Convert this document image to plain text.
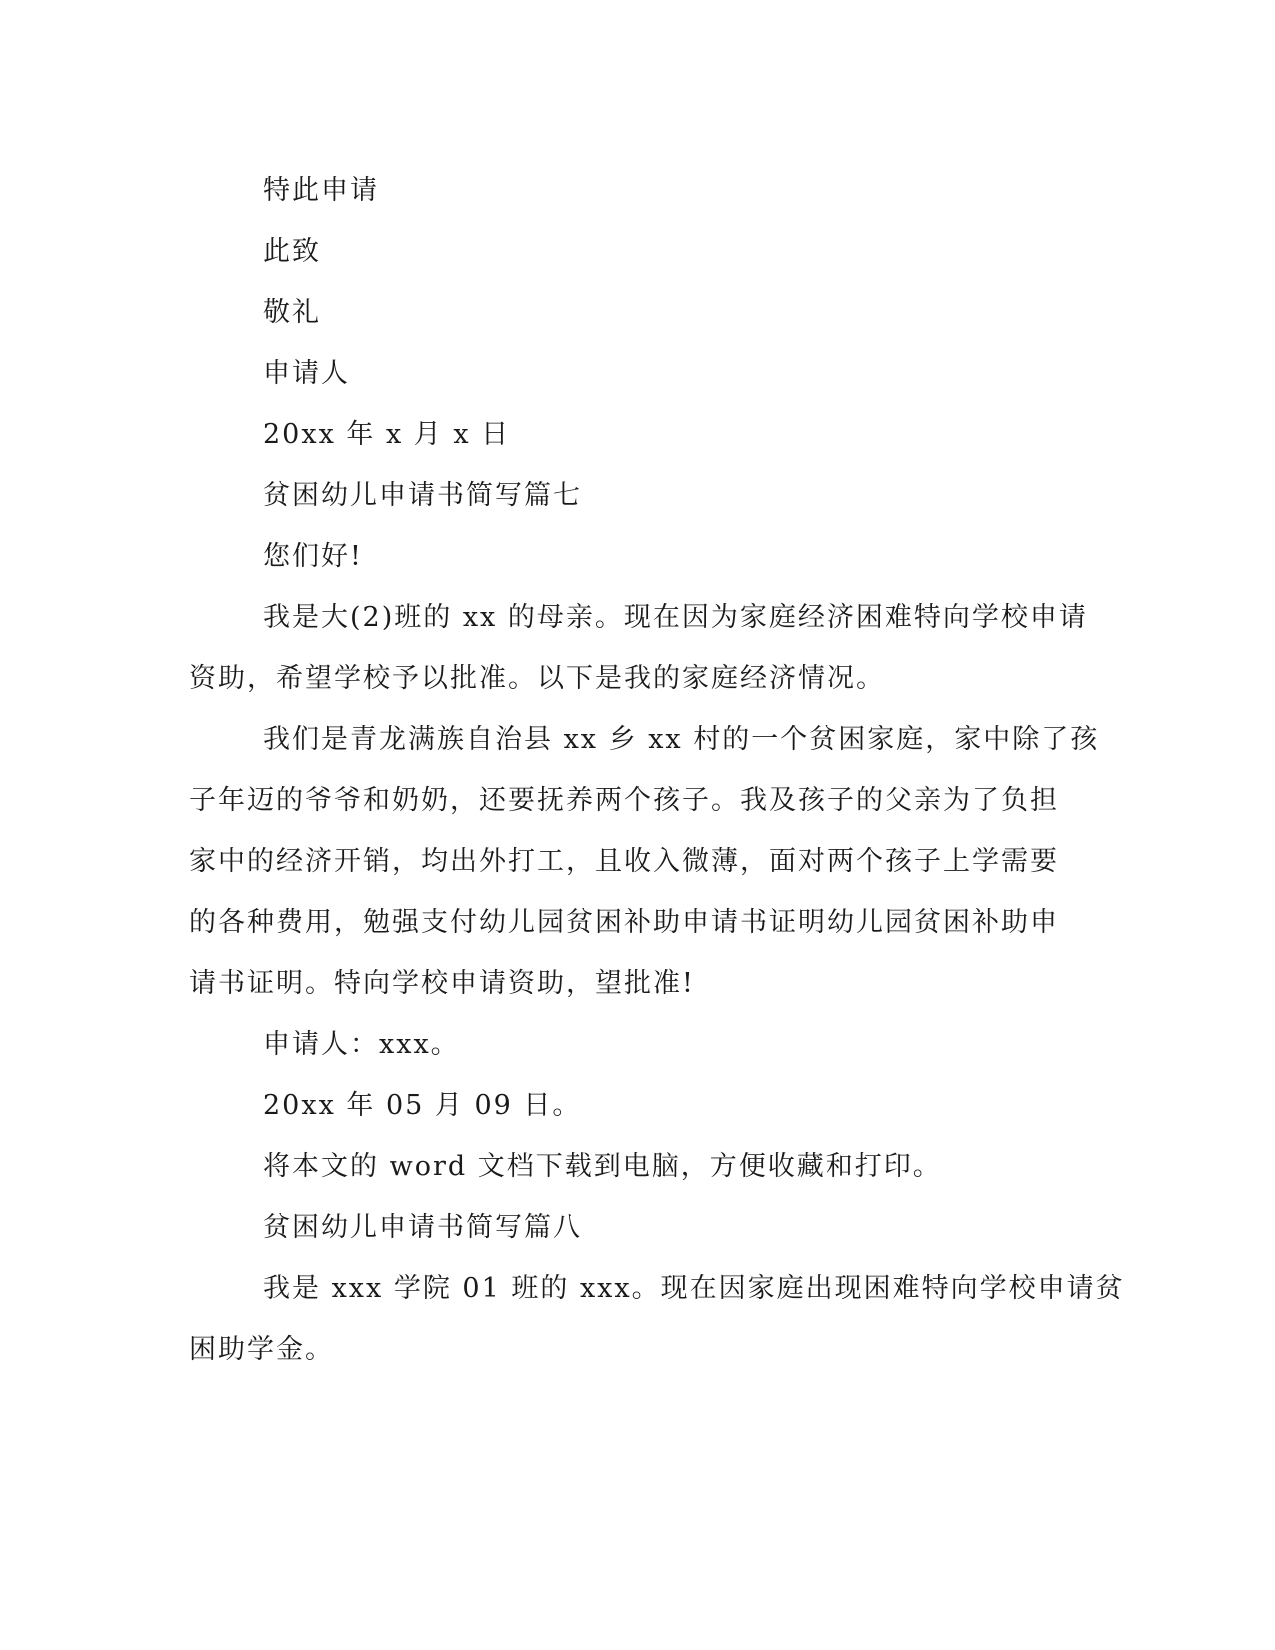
特此申请
此致
敬礼
申请人
20xx 年 x 月 x 日
贫困幼儿申请书简写篇七
您们好!
我是大(2)班的 xx 的母亲。现在因为家庭经济困难特向学校申请
资助，希望学校予以批准。以下是我的家庭经济情况。
我们是青龙满族自治县 xx 乡 xx 村的一个贫困家庭，家中除了孩
子年迈的爷爷和奶奶，还要抚养两个孩子。我及孩子的父亲为了负担
家中的经济开销，均出外打工，且收入微薄，面对两个孩子上学需要
的各种费用，勉强支付幼儿园贫困补助申请书证明幼儿园贫困补助申
请书证明。特向学校申请资助，望批准!
申请人：xxx。
20xx 年 05 月 09 日。
将本文的 word 文档下载到电脑，方便收藏和打印。
贫困幼儿申请书简写篇八
我是 xxx 学院 01 班的 xxx。现在因家庭出现困难特向学校申请贫
困助学金。
